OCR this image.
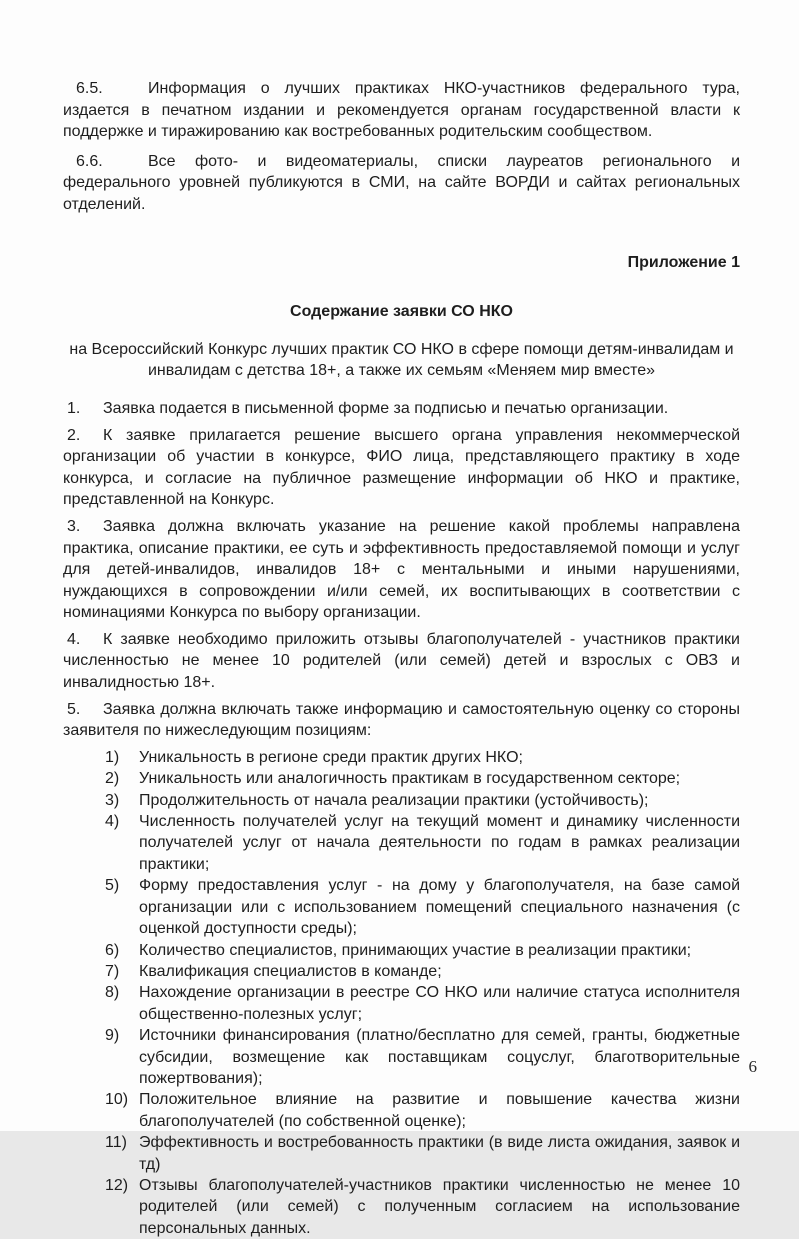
6.5.	Информация о лучших практиках НКО-участников федерального тура, издается в печатном издании и рекомендуется органам государственной власти к поддержке и тиражированию как востребованных родительским сообществом.

6.6.	Все фото- и видеоматериалы, списки лауреатов регионального и федерального уровней публикуются в СМИ, на сайте ВОРДИ и сайтах региональных отделений.

Приложение 1
Содержание заявки СО НКО
на Всероссийский Конкурс лучших практик СО НКО в сфере помощи детям-инвалидам и
инвалидам с детства 18+, а также их семьям «Меняем мир вместе»

1. Заявка подается в письменной форме за подписью и печатью организации.

2. К заявке прилагается решение высшего органа управления некоммерческой организации об участии в конкурсе, ФИО лица, представляющего практику в ходе конкурса, и согласие на публичное размещение информации об НКО и практике, представленной на Конкурс.

3. Заявка должна включать указание на решение какой проблемы направлена практика, описание практики, ее суть и эффективность предоставляемой помощи и услуг для детей-инвалидов, инвалидов 18+ с ментальными и иными нарушениями, нуждающихся в сопровождении и/или семей, их воспитывающих в соответствии с номинациями Конкурса по выбору организации.

4. К заявке необходимо приложить отзывы благополучателей - участников практики численностью не менее 10 родителей (или семей) детей и взрослых с ОВЗ и инвалидностью 18+.

5. Заявка должна включать также информацию и самостоятельную оценку со стороны заявителя по нижеследующим позициям:

1)	Уникальность в регионе среди практик других НКО;
2)	Уникальность или аналогичность практикам в государственном секторе;
3)	Продолжительность от начала реализации практики (устойчивость);
4)	Численность получателей услуг на текущий момент и динамику численности получателей услуг от начала деятельности по годам в рамках реализации практики;
5)	Форму предоставления услуг - на дому у благополучателя, на базе самой организации или с использованием помещений специального назначения (с оценкой доступности среды);
6)	Количество специалистов, принимающих участие в реализации практики;
7)	Квалификация специалистов в команде;
8)	Нахождение организации в реестре СО НКО или наличие статуса исполнителя общественно-полезных услуг;
9)	Источники финансирования (платно/бесплатно для семей, гранты, бюджетные субсидии, возмещение как поставщикам соцуслуг, благотворительные пожертвования);
10) Положительное влияние на развитие и повышение качества жизни благополучателей (по собственной оценке);
11) Эффективность и востребованность практики (в виде листа ожидания, заявок и тд)
12) Отзывы благополучателей-участников практики численностью не менее 10 родителей (или семей) с полученным согласием на использование персональных данных.
6
